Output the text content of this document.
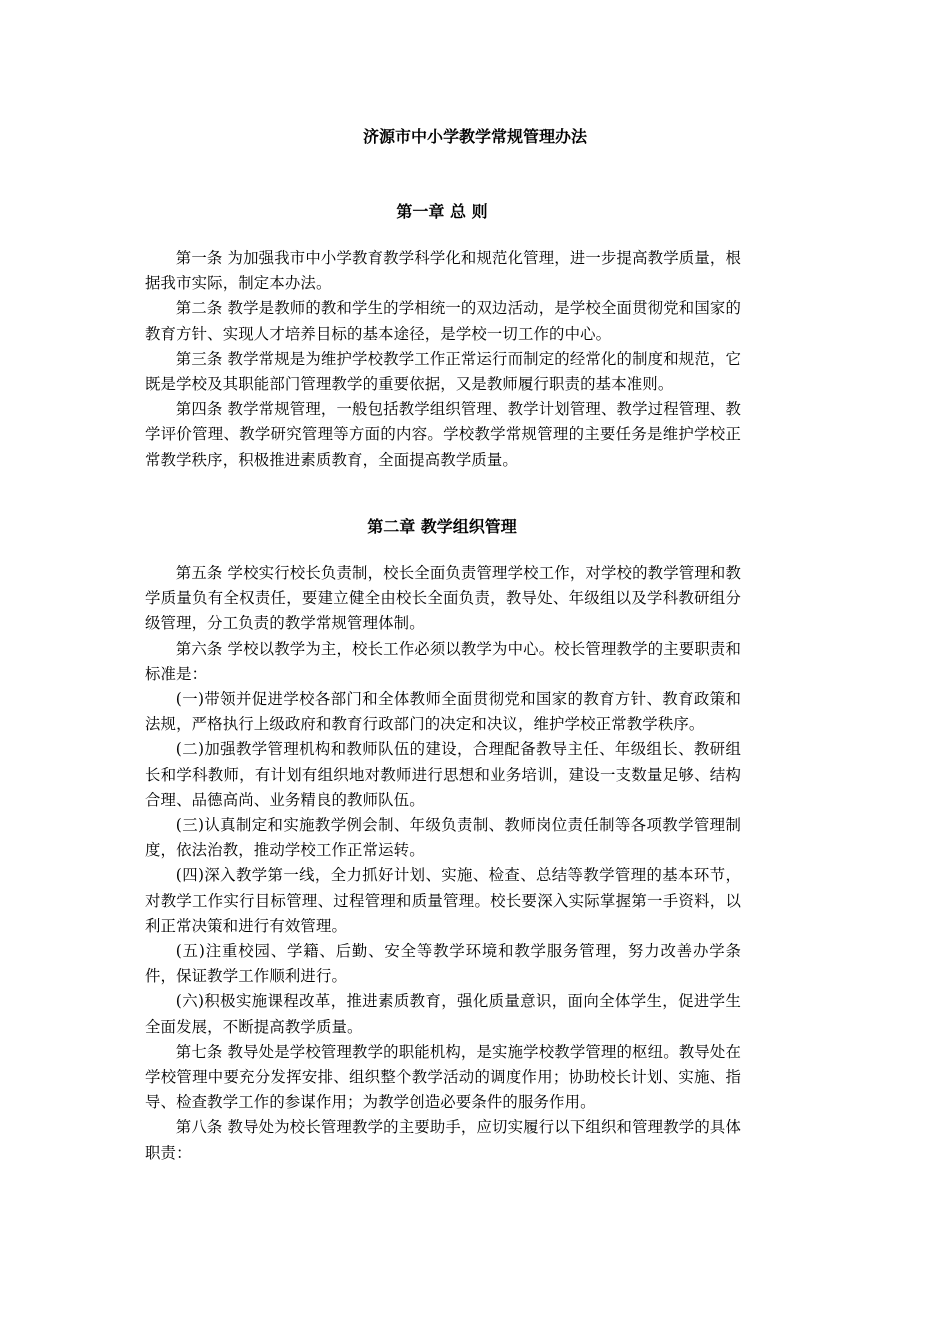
济源市中小学教学常规管理办法
第一章 总 则

第一条 为加强我市中小学教育教学科学化和规范化管理，进一步提高教学质量，根据我市实际，制定本办法。

第二条 教学是教师的教和学生的学相统一的双边活动，是学校全面贯彻党和国家的教育方针、实现人才培养目标的基本途径，是学校一切工作的中心。

第三条 教学常规是为维护学校教学工作正常运行而制定的经常化的制度和规范，它既是学校及其职能部门管理教学的重要依据，又是教师履行职责的基本准则。

第四条 教学常规管理，一般包括教学组织管理、教学计划管理、教学过程管理、教学评价管理、教学研究管理等方面的内容。学校教学常规管理的主要任务是维护学校正常教学秩序，积极推进素质教育，全面提高教学质量。

第二章 教学组织管理

第五条 学校实行校长负责制，校长全面负责管理学校工作，对学校的教学管理和教学质量负有全权责任，要建立健全由校长全面负责，教导处、年级组以及学科教研组分级管理，分工负责的教学常规管理体制。

第六条 学校以教学为主，校长工作必须以教学为中心。校长管理教学的主要职责和标准是：

(一)带领并促进学校各部门和全体教师全面贯彻党和国家的教育方针、教育政策和法规，严格执行上级政府和教育行政部门的决定和决议，维护学校正常教学秩序。

(二)加强教学管理机构和教师队伍的建设，合理配备教导主任、年级组长、教研组长和学科教师，有计划有组织地对教师进行思想和业务培训，建设一支数量足够、结构合理、品德高尚、业务精良的教师队伍。

(三)认真制定和实施教学例会制、年级负责制、教师岗位责任制等各项教学管理制度，依法治教，推动学校工作正常运转。

(四)深入教学第一线，全力抓好计划、实施、检查、总结等教学管理的基本环节，对教学工作实行目标管理、过程管理和质量管理。校长要深入实际掌握第一手资料，以利正常决策和进行有效管理。

(五)注重校园、学籍、后勤、安全等教学环境和教学服务管理，努力改善办学条件，保证教学工作顺利进行。

(六)积极实施课程改革，推进素质教育，强化质量意识，面向全体学生，促进学生全面发展，不断提高教学质量。

第七条 教导处是学校管理教学的职能机构，是实施学校教学管理的枢纽。教导处在学校管理中要充分发挥安排、组织整个教学活动的调度作用；协助校长计划、实施、指导、检查教学工作的参谋作用；为教学创造必要条件的服务作用。

第八条 教导处为校长管理教学的主要助手，应切实履行以下组织和管理教学的具体职责：
